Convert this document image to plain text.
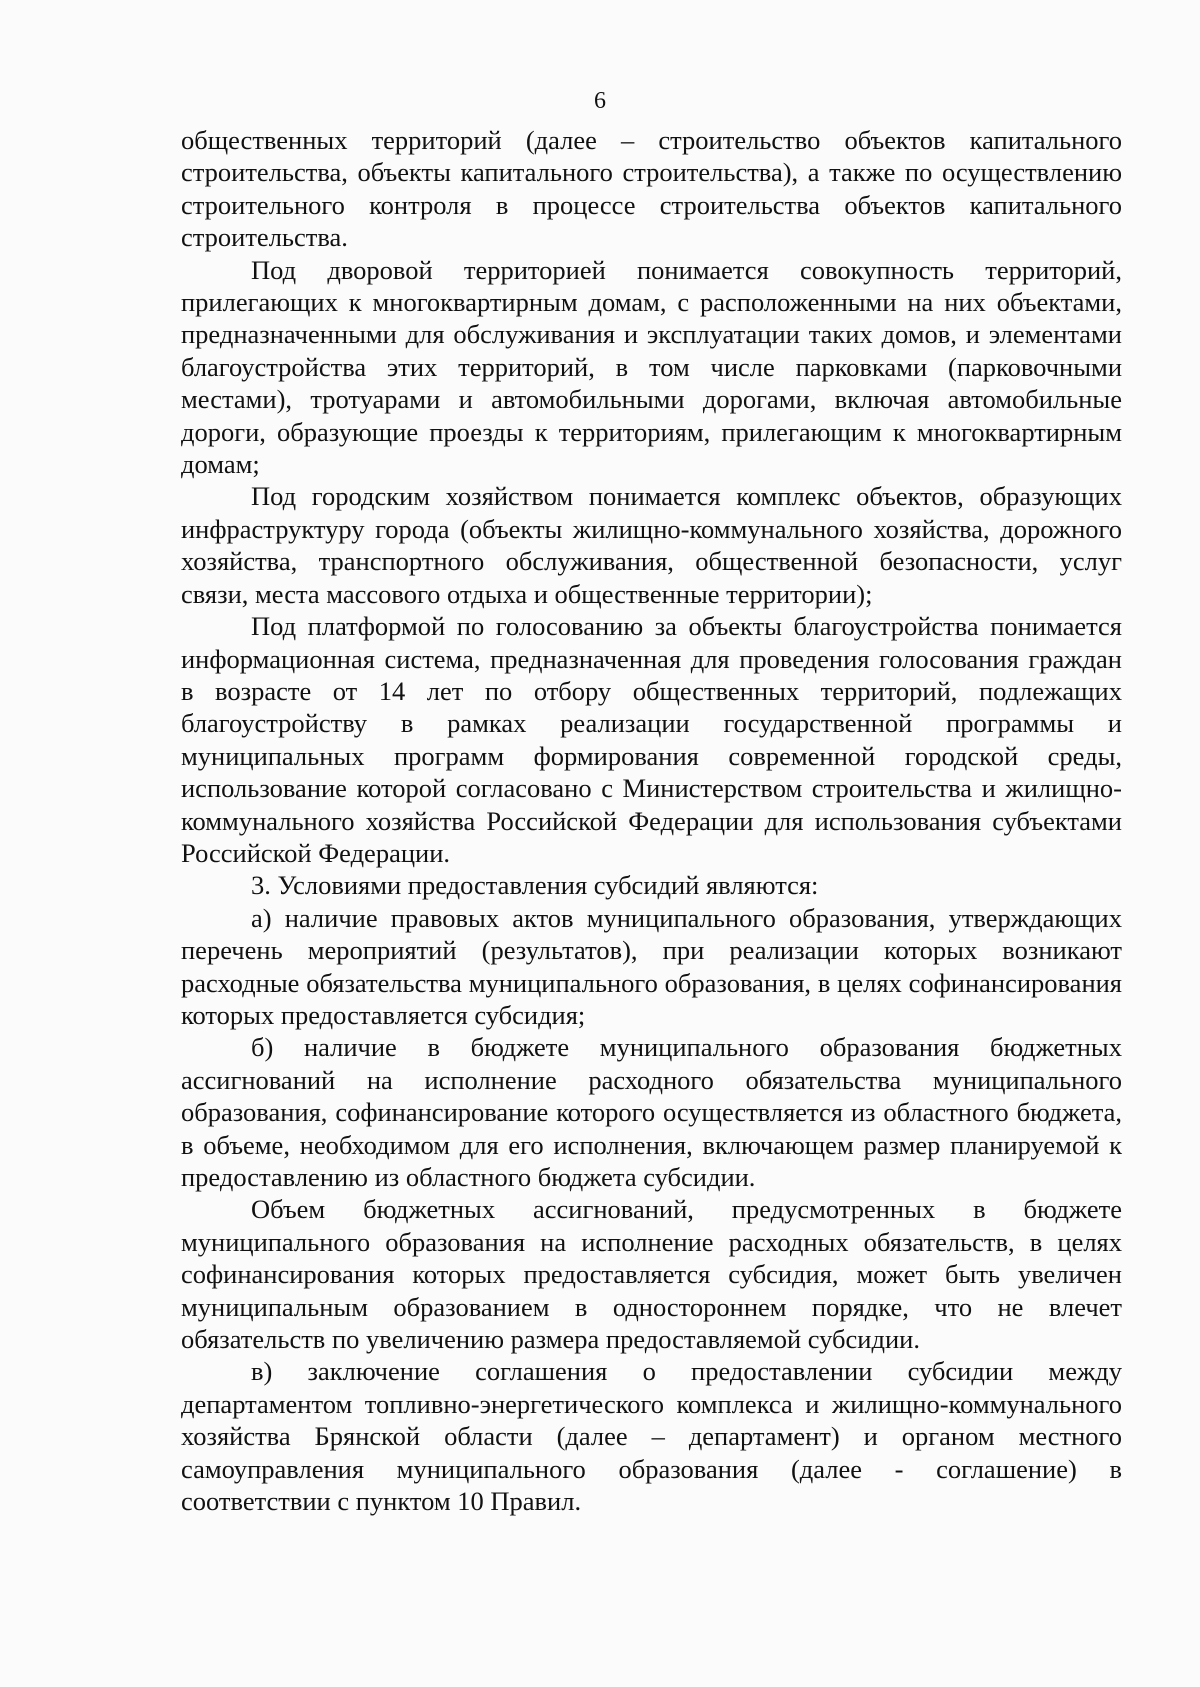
6

общественных территорий (далее – строительство объектов капитального строительства, объекты капитального строительства), а также по осуществлению строительного контроля в процессе строительства объектов капитального строительства.

Под дворовой территорией понимается совокупность территорий, прилегающих к многоквартирным домам, с расположенными на них объектами, предназначенными для обслуживания и эксплуатации таких домов, и элементами благоустройства этих территорий, в том числе парковками (парковочными местами), тротуарами и автомобильными дорогами, включая автомобильные дороги, образующие проезды к территориям, прилегающим к многоквартирным домам;

Под городским хозяйством понимается комплекс объектов, образующих инфраструктуру города (объекты жилищно-коммунального хозяйства, дорожного хозяйства, транспортного обслуживания, общественной безопасности, услуг связи, места массового отдыха и общественные территории);

Под платформой по голосованию за объекты благоустройства понимается информационная система, предназначенная для проведения голосования граждан в возрасте от 14 лет по отбору общественных территорий, подлежащих благоустройству в рамках реализации государственной программы и муниципальных программ формирования современной городской среды, использование которой согласовано с Министерством строительства и жилищно-коммунального хозяйства Российской Федерации для использования субъектами Российской Федерации.

3. Условиями предоставления субсидий являются:

а) наличие правовых актов муниципального образования, утверждающих перечень мероприятий (результатов), при реализации которых возникают расходные обязательства муниципального образования, в целях софинансирования которых предоставляется субсидия;

б) наличие в бюджете муниципального образования бюджетных ассигнований на исполнение расходного обязательства муниципального образования, софинансирование которого осуществляется из областного бюджета, в объеме, необходимом для его исполнения, включающем размер планируемой к предоставлению из областного бюджета субсидии.

Объем бюджетных ассигнований, предусмотренных в бюджете муниципального образования на исполнение расходных обязательств, в целях софинансирования которых предоставляется субсидия, может быть увеличен муниципальным образованием в одностороннем порядке, что не влечет обязательств по увеличению размера предоставляемой субсидии.

в) заключение соглашения о предоставлении субсидии между департаментом топливно-энергетического комплекса и жилищно-коммунального хозяйства Брянской области (далее – департамент) и органом местного самоуправления муниципального образования (далее - соглашение) в соответствии с пунктом 10 Правил.
